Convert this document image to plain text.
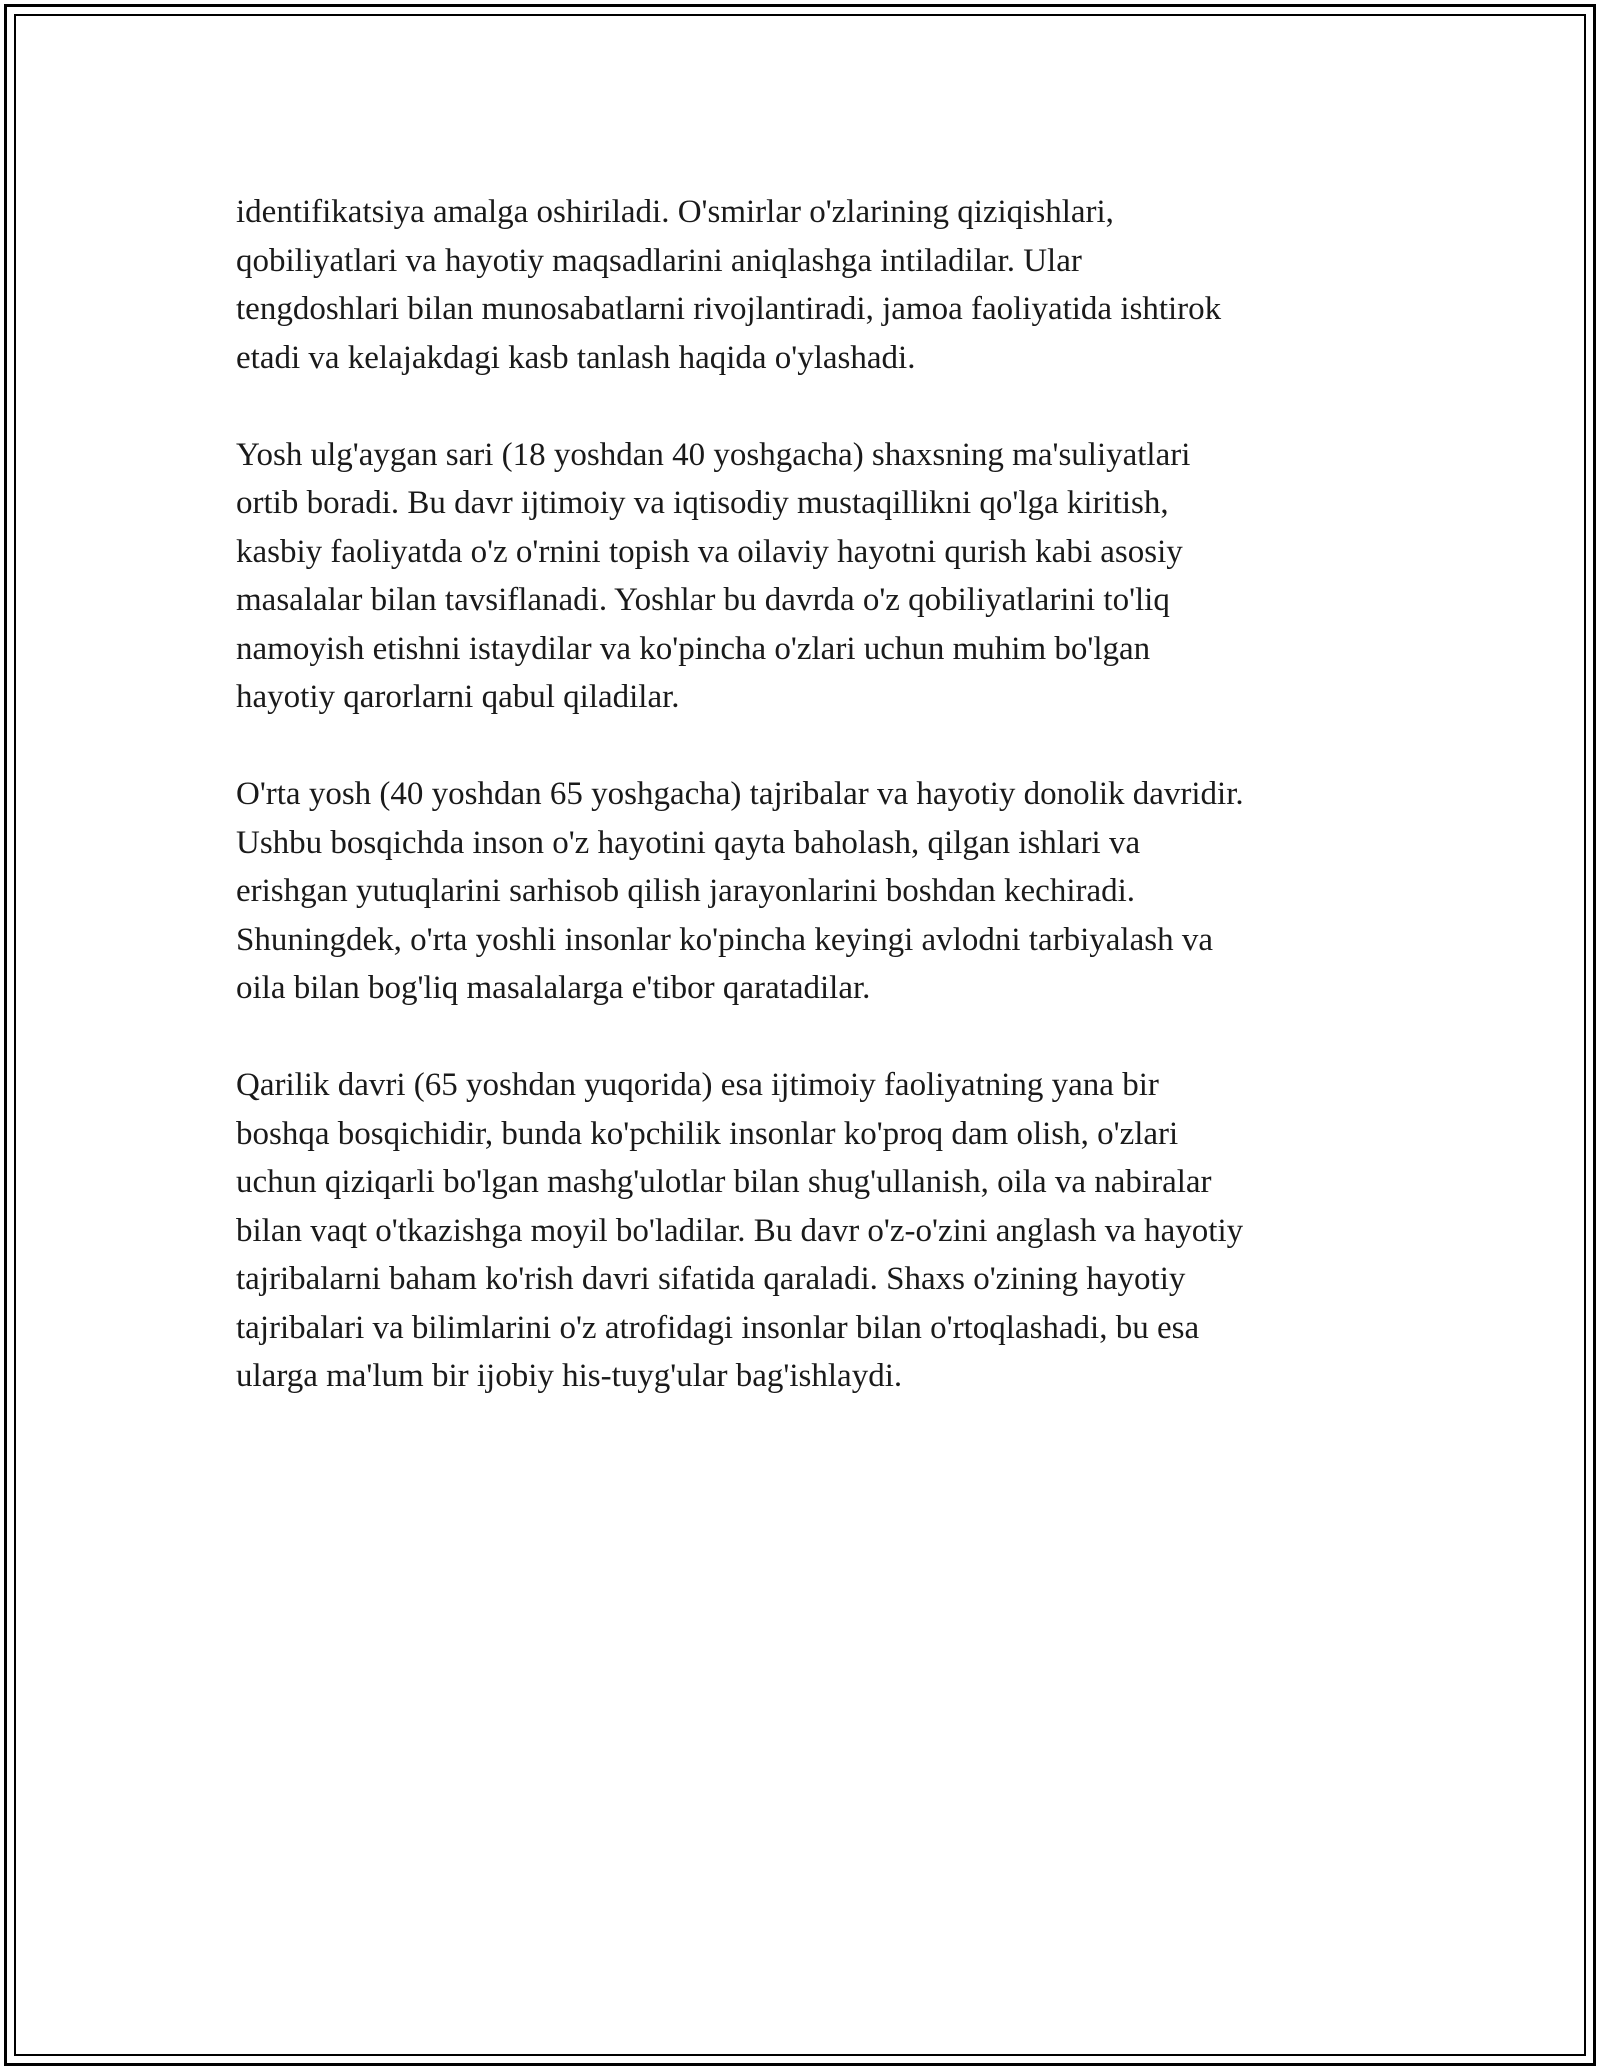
identifikatsiya amalga oshiriladi. O'smirlar o'zlarining qiziqishlari,
qobiliyatlari va hayotiy maqsadlarini aniqlashga intiladilar. Ular
tengdoshlari bilan munosabatlarni rivojlantiradi, jamoa faoliyatida ishtirok
etadi va kelajakdagi kasb tanlash haqida o'ylashadi.

Yosh ulg'aygan sari (18 yoshdan 40 yoshgacha) shaxsning ma'suliyatlari
ortib boradi. Bu davr ijtimoiy va iqtisodiy mustaqillikni qo'lga kiritish,
kasbiy faoliyatda o'z o'rnini topish va oilaviy hayotni qurish kabi asosiy
masalalar bilan tavsiflanadi. Yoshlar bu davrda o'z qobiliyatlarini to'liq
namoyish etishni istaydilar va ko'pincha o'zlari uchun muhim bo'lgan
hayotiy qarorlarni qabul qiladilar.

O'rta yosh (40 yoshdan 65 yoshgacha) tajribalar va hayotiy donolik davridir.
Ushbu bosqichda inson o'z hayotini qayta baholash, qilgan ishlari va
erishgan yutuqlarini sarhisob qilish jarayonlarini boshdan kechiradi.
Shuningdek, o'rta yoshli insonlar ko'pincha keyingi avlodni tarbiyalash va
oila bilan bog'liq masalalarga e'tibor qaratadilar.

Qarilik davri (65 yoshdan yuqorida) esa ijtimoiy faoliyatning yana bir
boshqa bosqichidir, bunda ko'pchilik insonlar ko'proq dam olish, o'zlari
uchun qiziqarli bo'lgan mashg'ulotlar bilan shug'ullanish, oila va nabiralar
bilan vaqt o'tkazishga moyil bo'ladilar. Bu davr o'z-o'zini anglash va hayotiy
tajribalarni baham ko'rish davri sifatida qaraladi. Shaxs o'zining hayotiy
tajribalari va bilimlarini o'z atrofidagi insonlar bilan o'rtoqlashadi, bu esa
ularga ma'lum bir ijobiy his-tuyg'ular bag'ishlaydi.
